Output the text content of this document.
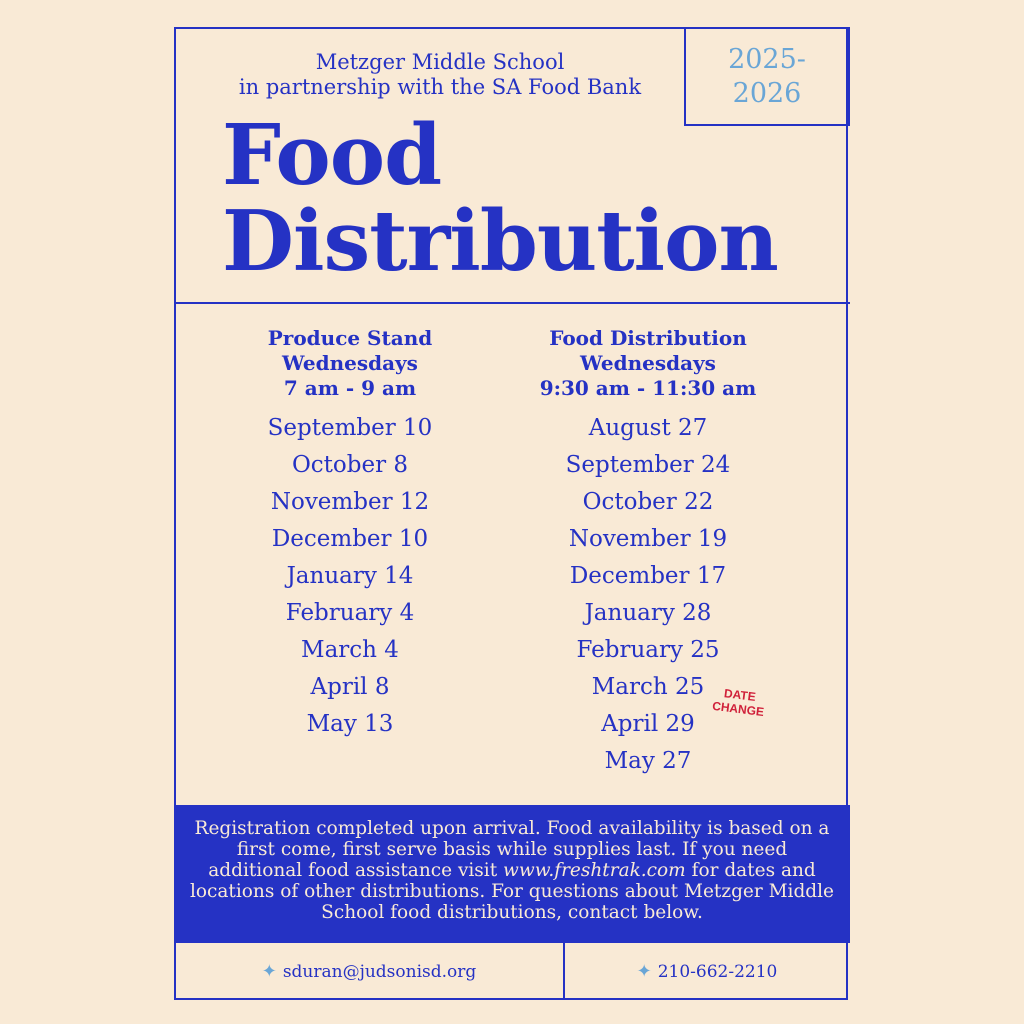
2025-
2026
Metzger Middle School
in partnership with the SA Food Bank
Food
Distribution
Produce Stand
Wednesdays
7 am - 9 am
September 10
October 8
November 12
December 10
January 14
February 4
March 4
April 8
May 13
Food Distribution
Wednesdays
9:30 am - 11:30 am
August 27
September 24
October 22
November 19
December 17
January 28
February 25
March 25
April 29
DATE
CHANGE
May 27
Registration completed upon arrival. Food availability is based on a first come, first serve basis while supplies last. If you need additional food assistance visit www.freshtrak.com for dates and locations of other distributions. For questions about Metzger Middle School food distributions, contact below.
✦ sduran@judsonisd.org	✦ 210-662-2210
